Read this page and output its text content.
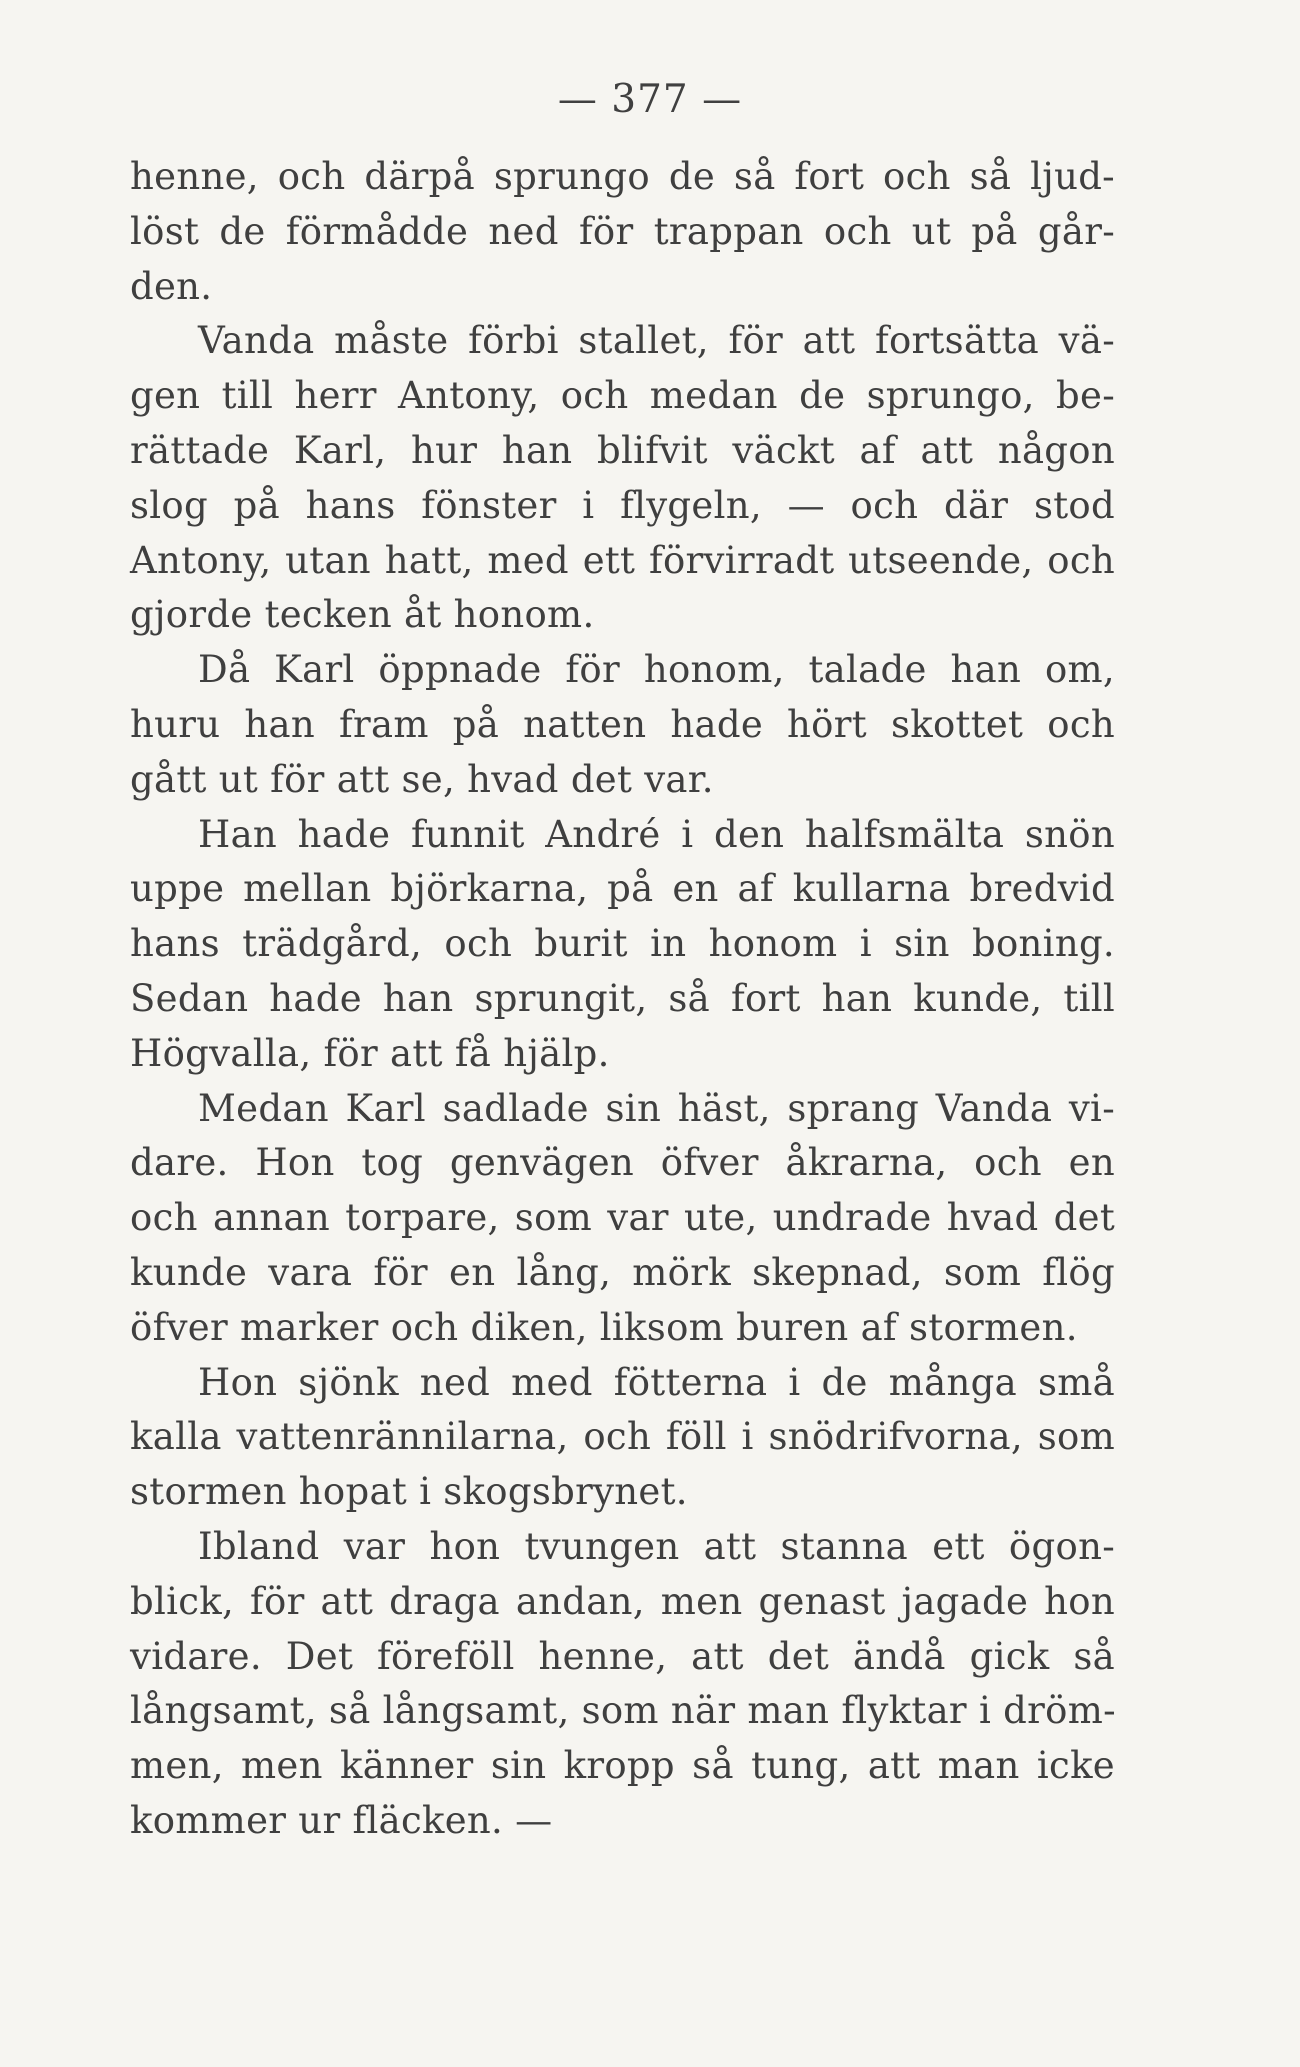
— 377 —
henne, och därpå sprungo de så fort och så ljud-
löst de förmådde ned för trappan och ut på går-
den.
Vanda måste förbi stallet, för att fortsätta vä-
gen till herr Antony, och medan de sprungo, be-
rättade Karl, hur han blifvit väckt af att någon
slog på hans fönster i flygeln, — och där stod
Antony, utan hatt, med ett förvirradt utseende, och
gjorde tecken åt honom.
Då Karl öppnade för honom, talade han om,
huru han fram på natten hade hört skottet och
gått ut för att se, hvad det var.
Han hade funnit André i den halfsmälta snön
uppe mellan björkarna, på en af kullarna bredvid
hans trädgård, och burit in honom i sin boning.
Sedan hade han sprungit, så fort han kunde, till
Högvalla, för att få hjälp.
Medan Karl sadlade sin häst, sprang Vanda vi-
dare. Hon tog genvägen öfver åkrarna, och en
och annan torpare, som var ute, undrade hvad det
kunde vara för en lång, mörk skepnad, som flög
öfver marker och diken, liksom buren af stormen.
Hon sjönk ned med fötterna i de många små
kalla vattenrännilarna, och föll i snödrifvorna, som
stormen hopat i skogsbrynet.
Ibland var hon tvungen att stanna ett ögon-
blick, för att draga andan, men genast jagade hon
vidare. Det föreföll henne, att det ändå gick så
långsamt, så långsamt, som när man flyktar i dröm-
men, men känner sin kropp så tung, att man icke
kommer ur fläcken. —
